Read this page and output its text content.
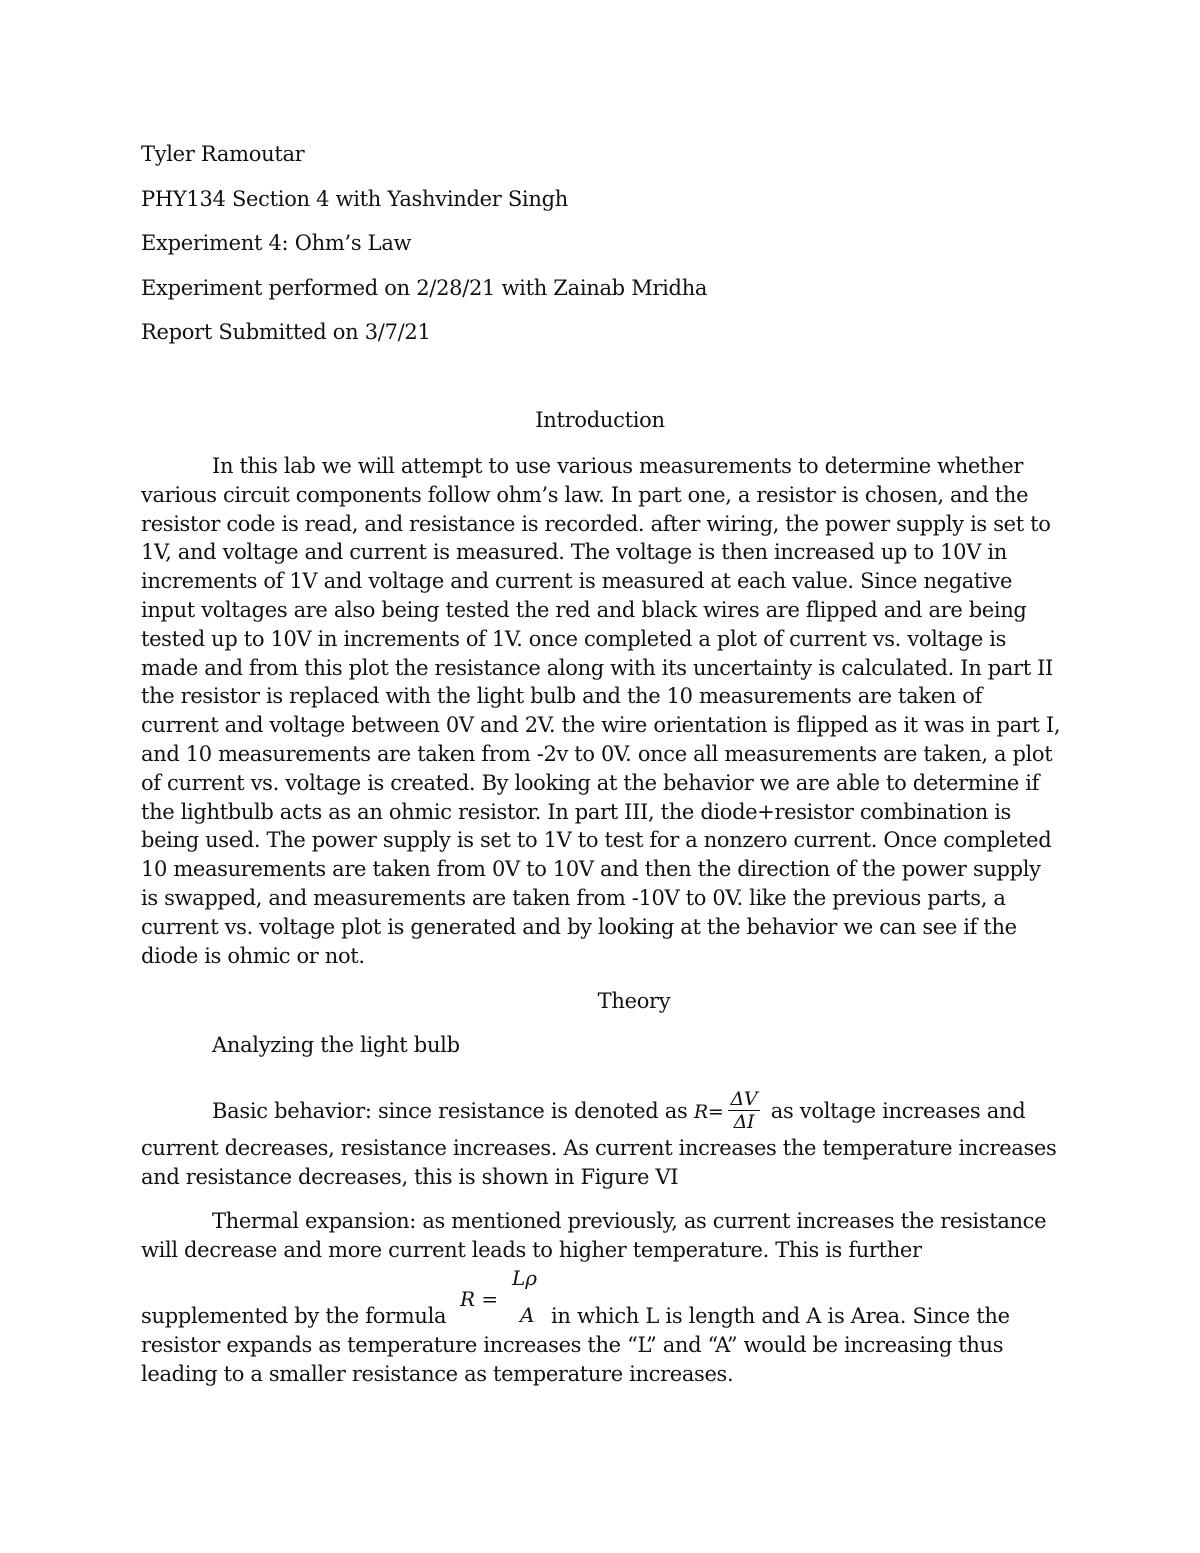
Tyler Ramoutar
PHY134 Section 4 with Yashvinder Singh
Experiment 4: Ohm’s Law
Experiment performed on 2/28/21 with Zainab Mridha
Report Submitted on 3/7/21
Introduction
In this lab we will attempt to use various measurements to determine whether various circuit components follow ohm’s law. In part one, a resistor is chosen, and the resistor code is read, and resistance is recorded. after wiring, the power supply is set to 1V, and voltage and current is measured. The voltage is then increased up to 10V in increments of 1V and voltage and current is measured at each value. Since negative input voltages are also being tested the red and black wires are flipped and are being tested up to 10V in increments of 1V. once completed a plot of current vs. voltage is made and from this plot the resistance along with its uncertainty is calculated. In part II the resistor is replaced with the light bulb and the 10 measurements are taken of current and voltage between 0V and 2V. the wire orientation is flipped as it was in part I, and 10 measurements are taken from -2v to 0V. once all measurements are taken, a plot of current vs. voltage is created. By looking at the behavior we are able to determine if the lightbulb acts as an ohmic resistor. In part III, the diode+resistor combination is being used. The power supply is set to 1V to test for a nonzero current. Once completed 10 measurements are taken from 0V to 10V and then the direction of the power supply is swapped, and measurements are taken from -10V to 0V. like the previous parts, a current vs. voltage plot is generated and by looking at the behavior we can see if the diode is ohmic or not.
Theory
Analyzing the light bulb
Basic behavior: since resistance is denoted as $R= \frac{\Delta V}{\Delta I}$ as voltage increases and
current decreases, resistance increases. As current increases the temperature increases and resistance decreases, this is shown in Figure VI
Thermal expansion: as mentioned previously, as current increases the resistance will decrease and more current leads to higher temperature. This is further
R =
Lρ
A
supplemented by the formula	in which L is length and A is Area. Since the
resistor expands as temperature increases the “L” and “A” would be increasing thus leading to a smaller resistance as temperature increases.
